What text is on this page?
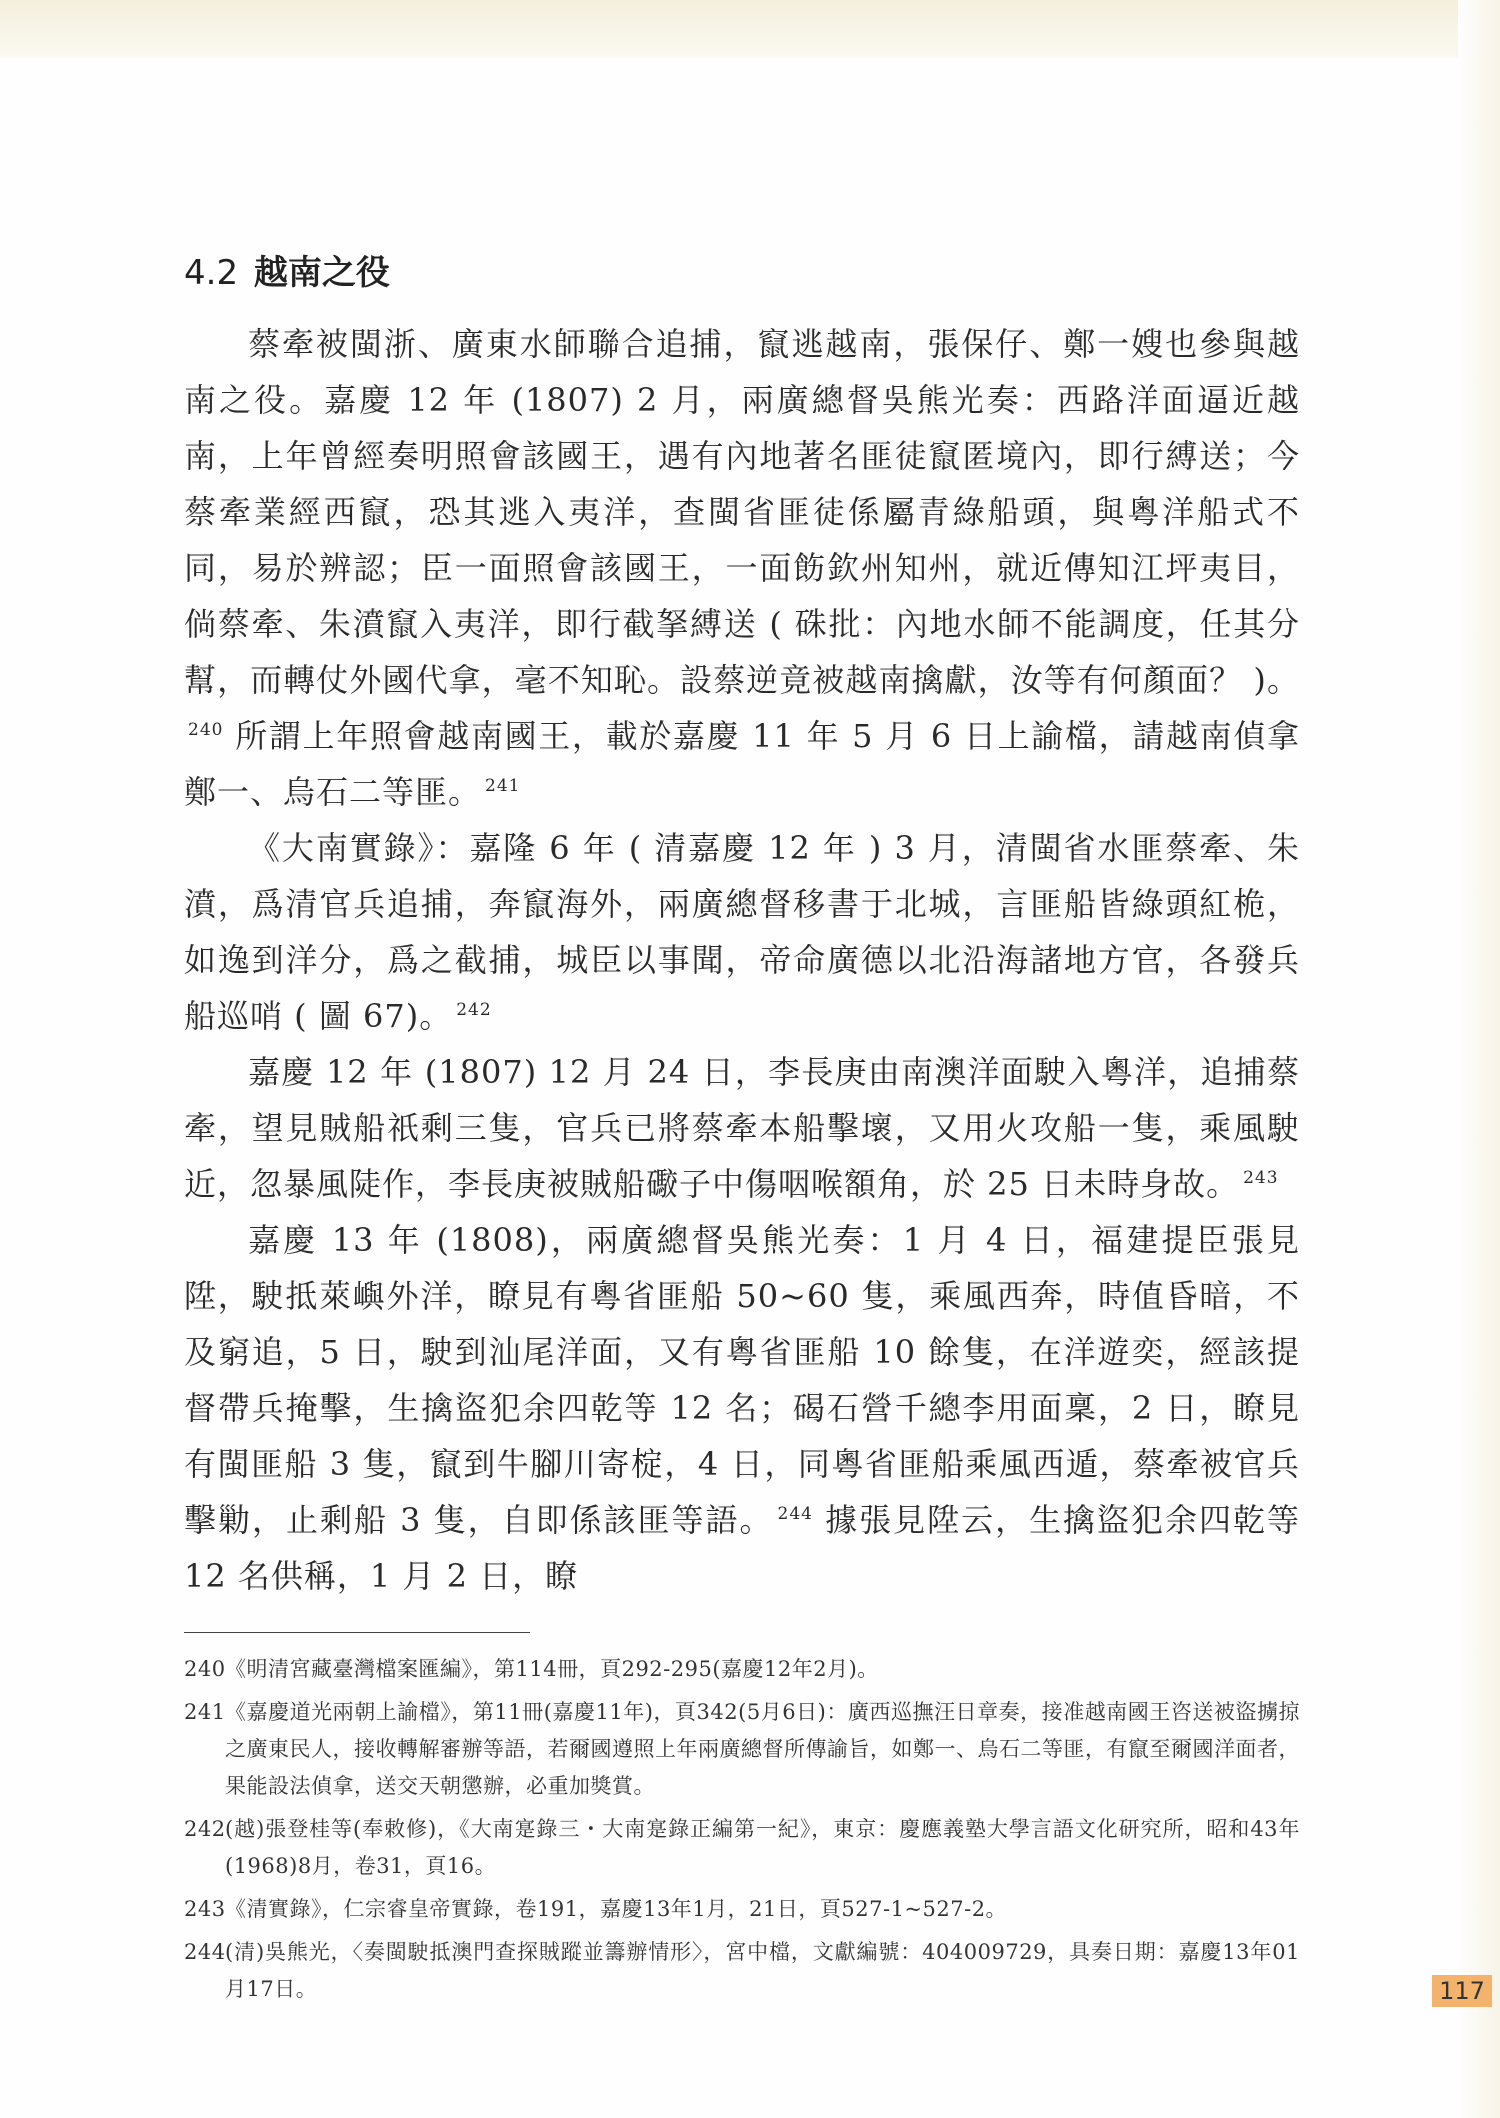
4.2 越南之役

蔡牽被閩浙、廣東水師聯合追捕，竄逃越南，張保仔、鄭一嫂也參與越南之役。嘉慶 12 年 (1807) 2 月，兩廣總督吳熊光奏：西路洋面逼近越南，上年曾經奏明照會該國王，遇有內地著名匪徒竄匿境內，即行縛送；今蔡牽業經西竄，恐其逃入夷洋，查閩省匪徒係屬青綠船頭，與粵洋船式不同，易於辨認；臣一面照會該國王，一面飭欽州知州，就近傳知江坪夷目，倘蔡牽、朱濆竄入夷洋，即行截拏縛送 ( 硃批：內地水師不能調度，任其分幫，而轉仗外國代拿，毫不知恥。設蔡逆竟被越南擒獻，汝等有何顏面？ )。$^{240}$ 所謂上年照會越南國王，載於嘉慶 11 年 5 月 6 日上諭檔，請越南偵拿鄭一、烏石二等匪。 $^{241}$

《大南實錄》：嘉隆 6 年 ( 清嘉慶 12 年 ) 3 月，清閩省水匪蔡牽、朱濆，爲清官兵追捕，奔竄海外，兩廣總督移書于北城，言匪船皆綠頭紅桅，如逸到洋分，爲之截捕，城臣以事聞，帝命廣德以北沿海諸地方官，各發兵船巡哨 ( 圖 67)。 $^{242}$

嘉慶 12 年 (1807) 12 月 24 日，李長庚由南澳洋面駛入粵洋，追捕蔡牽，望見賊船祇剩三隻，官兵已將蔡牽本船擊壞，又用火攻船一隻，乘風駛近，忽暴風陡作，李長庚被賊船礮子中傷咽喉額角，於 25 日未時身故。 $^{243}$

嘉慶 13 年 (1808)，兩廣總督吳熊光奏：1 月 4 日，福建提臣張見陞，駛抵萊嶼外洋，瞭見有粵省匪船 50~60 隻，乘風西奔，時值昏暗，不及窮追，5 日，駛到汕尾洋面，又有粵省匪船 10 餘隻，在洋遊奕，經該提督帶兵掩擊，生擒盜犯余四乾等 12 名；碣石營千總李用面稟，2 日，瞭見有閩匪船 3 隻，竄到牛腳川寄椗，4 日，同粵省匪船乘風西遁，蔡牽被官兵擊勦，止剩船 3 隻，自即係該匪等語。 $^{244}$ 據張見陞云，生擒盜犯余四乾等 12 名供稱，1 月 2 日，瞭

240《明清宮藏臺灣檔案匯編》，第114冊，頁292-295(嘉慶12年2月)。

241《嘉慶道光兩朝上諭檔》，第11冊(嘉慶11年)，頁342(5月6日)：廣西巡撫汪日章奏，接准越南國王咨送被盜擄掠之廣東民人，接收轉解審辦等語，若爾國遵照上年兩廣總督所傳諭旨，如鄭一、烏石二等匪，有竄至爾國洋面者，果能設法偵拿，送交天朝懲辦，必重加獎賞。

242(越)張登桂等(奉敕修)，《大南寔錄三・大南寔錄正編第一紀》，東京：慶應義塾大學言語文化研究所，昭和43年(1968)8月，卷31，頁16。

243《清實錄》，仁宗睿皇帝實錄，卷191，嘉慶13年1月，21日，頁527-1~527-2。

244(清)吳熊光，〈奏閩駛抵澳門查探賊蹤並籌辦情形〉，宮中檔，文獻編號：404009729，具奏日期：嘉慶13年01月17日。	117
